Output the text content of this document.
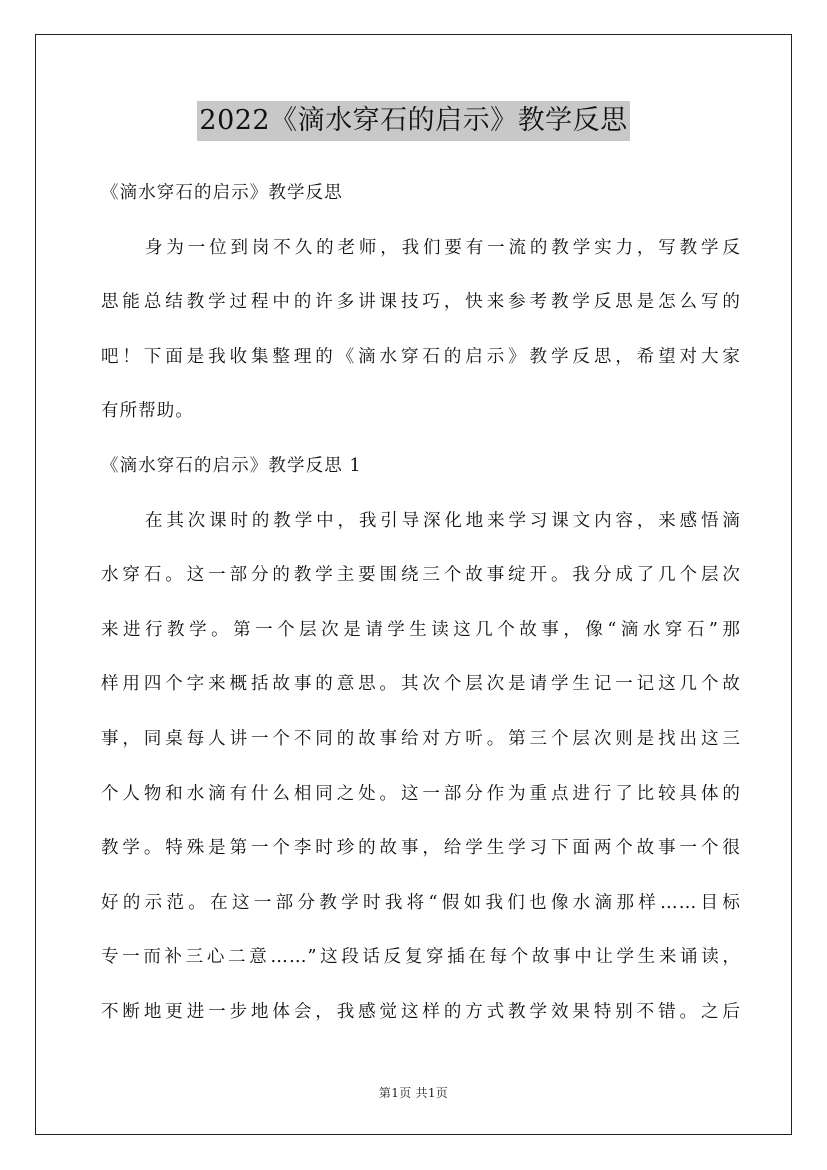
2022《滴水穿石的启示》教学反思
《滴水穿石的启示》教学反思
身为一位到岗不久的老师，我们要有一流的教学实力，写教学反
思能总结教学过程中的许多讲课技巧，快来参考教学反思是怎么写的
吧！下面是我收集整理的《滴水穿石的启示》教学反思，希望对大家
有所帮助。
《滴水穿石的启示》教学反思 1
在其次课时的教学中，我引导深化地来学习课文内容，来感悟滴
水穿石。这一部分的教学主要围绕三个故事绽开。我分成了几个层次
来进行教学。第一个层次是请学生读这几个故事，像“滴水穿石”那
样用四个字来概括故事的意思。其次个层次是请学生记一记这几个故
事，同桌每人讲一个不同的故事给对方听。第三个层次则是找出这三
个人物和水滴有什么相同之处。这一部分作为重点进行了比较具体的
教学。特殊是第一个李时珍的故事，给学生学习下面两个故事一个很
好的示范。在这一部分教学时我将“假如我们也像水滴那样……目标
专一而补三心二意……”这段话反复穿插在每个故事中让学生来诵读，
不断地更进一步地体会，我感觉这样的方式教学效果特别不错。之后
第1页 共1页
